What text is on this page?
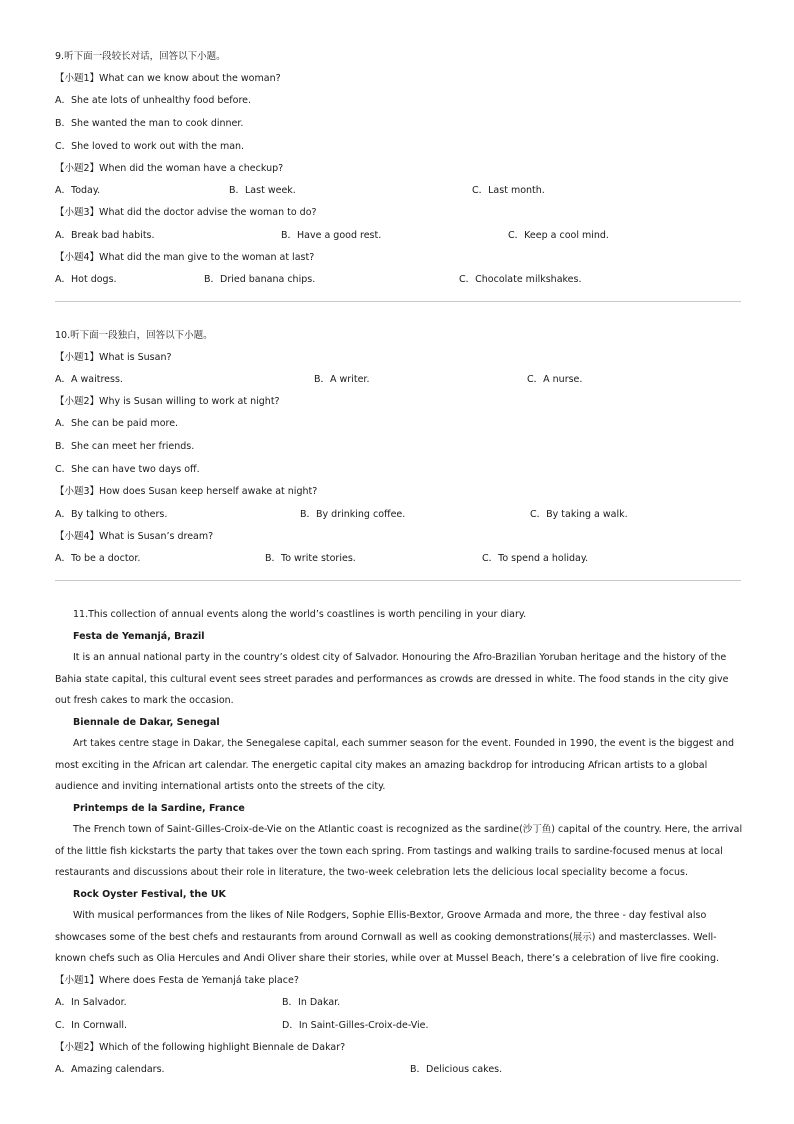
9.听下面一段较长对话，回答以下小题。
【小题1】What can we know about the woman?
A．She ate lots of unhealthy food before.
B．She wanted the man to cook dinner.
C．She loved to work out with the man.
【小题2】When did the woman have a checkup?
A．Today.	B．Last week.	C．Last month.
【小题3】What did the doctor advise the woman to do?
A．Break bad habits.	B．Have a good rest.	C．Keep a cool mind.
【小题4】What did the man give to the woman at last?
A．Hot dogs.	B．Dried banana chips.	C．Chocolate milkshakes.
10.听下面一段独白，回答以下小题。
【小题1】What is Susan?
A．A waitress.	B．A writer.	C．A nurse.
【小题2】Why is Susan willing to work at night?
A．She can be paid more.
B．She can meet her friends.
C．She can have two days off.
【小题3】How does Susan keep herself awake at night?
A．By talking to others.	B．By drinking coffee.	C．By taking a walk.
【小题4】What is Susan’s dream?
A．To be a doctor.	B．To write stories.	C．To spend a holiday.
11.This collection of annual events along the world’s coastlines is worth penciling in your diary.
Festa de Yemanjá, Brazil
It is an annual national party in the country’s oldest city of Salvador. Honouring the Afro-Brazilian Yoruban heritage and the history of the Bahia state capital, this cultural event sees street parades and performances as crowds are dressed in white. The food stands in the city give out fresh cakes to mark the occasion.
Biennale de Dakar, Senegal
Art takes centre stage in Dakar, the Senegalese capital, each summer season for the event. Founded in 1990, the event is the biggest and most exciting in the African art calendar. The energetic capital city makes an amazing backdrop for introducing African artists to a global audience and inviting international artists onto the streets of the city.
Printemps de la Sardine, France
The French town of Saint-Gilles-Croix-de-Vie on the Atlantic coast is recognized as the sardine(沙丁鱼) capital of the country. Here, the arrival of the little fish kickstarts the party that takes over the town each spring. From tastings and walking trails to sardine-focused menus at local restaurants and discussions about their role in literature, the two-week celebration lets the delicious local speciality become a focus.
Rock Oyster Festival, the UK
With musical performances from the likes of Nile Rodgers, Sophie Ellis-Bextor, Groove Armada and more, the three - day festival also showcases some of the best chefs and restaurants from around Cornwall as well as cooking demonstrations(展示) and masterclasses. Well-known chefs such as Olia Hercules and Andi Oliver share their stories, while over at Mussel Beach, there’s a celebration of live fire cooking.
【小题1】Where does Festa de Yemanjá take place?
A．In Salvador.	B．In Dakar.
C．In Cornwall.	D．In Saint-Gilles-Croix-de-Vie.
【小题2】Which of the following highlight Biennale de Dakar?
A．Amazing calendars.	B．Delicious cakes.
